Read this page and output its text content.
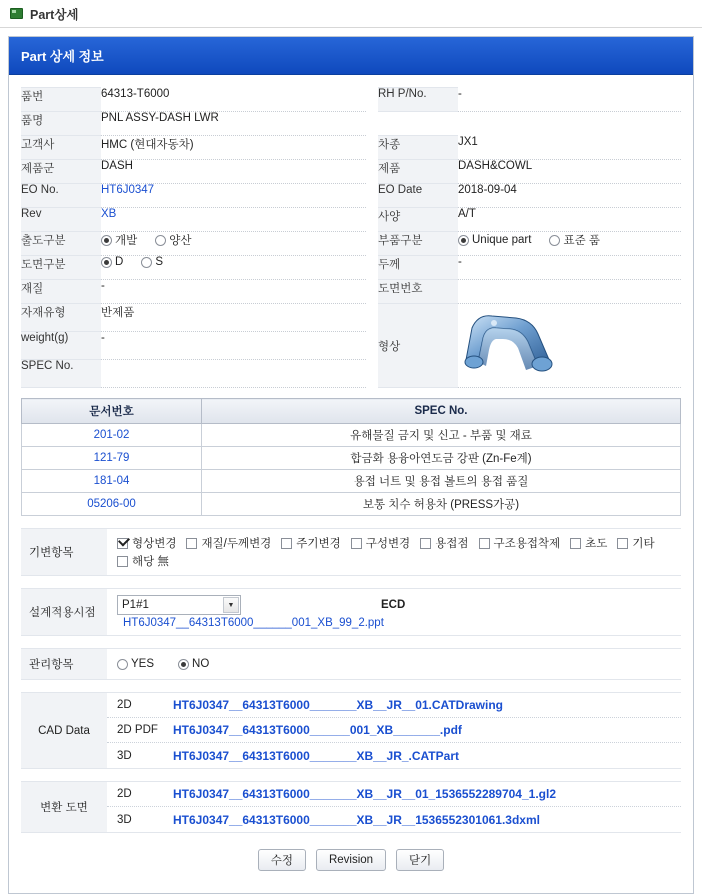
Part상세
Part 상세 정보
품번	64313-T6000		RH P/No.	-
품명	PNL ASSY-DASH LWR			
고객사	HMC (현대자동차)		차종	JX1
제품군	DASH		제품	DASH&COWL
EO No.	HT6J0347		EO Date	2018-09-04
Rev	XB		사양	A/T
출도구분	개발 양산		부품구분	Unique part 표준 품

도면구분	D S		두께	-
재질	-		도면번호	
자재유형	반제품		형상	

weight(g)	-			
SPEC No.				
문서번호	SPEC No.
201-02	유해물질 금지 및 신고 - 부품 및 재료
121-79	합금화 용융아연도금 강판 (Zn-Fe계)
181-04	용접 너트 및 용접 볼트의 용접 품질
05206-00	보통 치수 허용차 (PRESS가공)
기변항목
형상변경 재질/두께변경 주기변경 구성변경 용접점 구조용접착제 초도 기타
해당 無
설계적용시점
P1#1	▼	ECD
HT6J0347__64313T6000______001_XB_99_2.ppt
관리항목	YES	NO
CAD Data
2D	HT6J0347__64313T6000_______XB__JR__01.CATDrawing
2D PDF	HT6J0347__64313T6000______001_XB_______.pdf
3D	HT6J0347__64313T6000_______XB__JR_.CATPart
변환 도면
2D	HT6J0347__64313T6000_______XB__JR__01_1536552289704_1.gl2
3D	HT6J0347__64313T6000_______XB__JR__1536552301061.3dxml
수정	Revision	닫기
